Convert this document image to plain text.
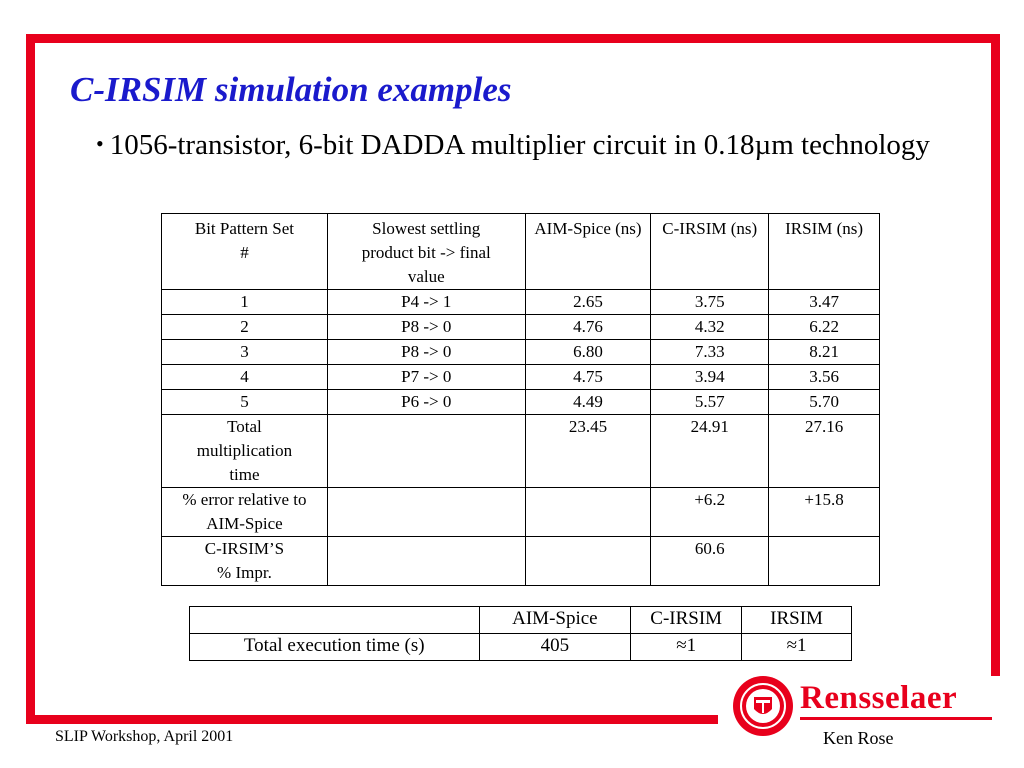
C-IRSIM simulation examples
• 1056-transistor, 6-bit DADDA multiplier circuit in 0.18µm technology
Bit Pattern Set #	Slowest settling product bit -> final value	AIM-Spice (ns)	C-IRSIM (ns)	IRSIM (ns)
1	P4 -> 1	2.65	3.75	3.47
2	P8 -> 0	4.76	4.32	6.22
3	P8 -> 0	6.80	7.33	8.21
4	P7 -> 0	4.75	3.94	3.56
5	P6 -> 0	4.49	5.57	5.70
Total multiplication time		23.45	24.91	27.16
% error relative to AIM-Spice			+6.2	+15.8
C-IRSIM’S % Impr.			60.6	
	AIM-Spice	C-IRSIM	IRSIM
Total execution time (s)	405	≈1	≈1
SLIP Workshop, April 2001
Rensselaer
Ken Rose
